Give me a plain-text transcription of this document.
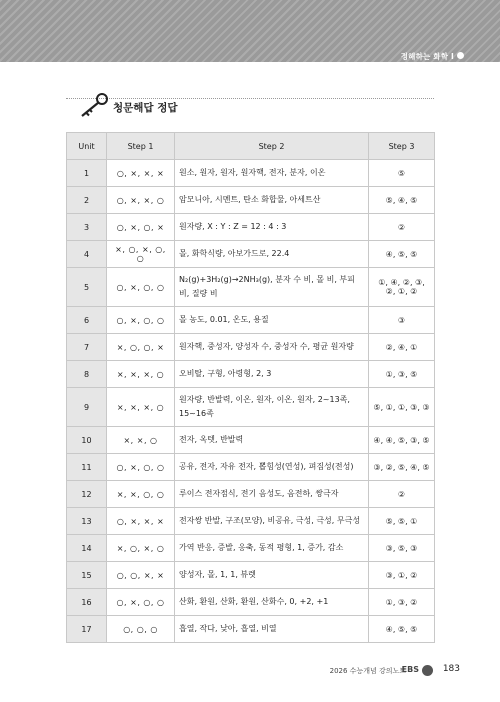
정해하는 화학 I
청문해답 정답
Unit	Step 1	Step 2	Step 3
1	○, ×, ×, ×	원소, 원자, 원자, 원자핵, 전자, 분자, 이온	⑤
2	○, ×, ×, ○	암모니아, 시멘트, 탄소 화합물, 아세트산	⑤, ④, ⑤
3	○, ×, ○, ×	원자량, X : Y : Z = 12 : 4 : 3	②
4	×, ○, ×, ○, ○	몰, 화학식량, 아보가드로, 22.4	④, ⑤, ⑤
5	○, ×, ○, ○	N₂(g)+3H₂(g)→2NH₃(g), 분자 수 비, 몰 비, 부피 비, 질량 비	①, ④, ②, ③, ②, ①, ②
6	○, ×, ○, ○	몰 농도, 0.01, 온도, 용질	③
7	×, ○, ○, ×	원자핵, 중성자, 양성자 수, 중성자 수, 평균 원자량	②, ④, ①
8	×, ×, ×, ○	오비탈, 구형, 아령형, 2, 3	①, ③, ⑤
9	×, ×, ×, ○	원자량, 반발력, 이온, 원자, 이온, 원자, 2~13족, 15~16족	⑤, ①, ①, ③, ③
10	×, ×, ○	전자, 옥텟, 반발력	④, ④, ⑤, ③, ⑤
11	○, ×, ○, ○	공유, 전자, 자유 전자, 뽑힘성(연성), 펴짐성(전성)	③, ②, ⑤, ④, ⑤
12	×, ×, ○, ○	루이스 전자점식, 전기 음성도, 음전하, 쌍극자	②
13	○, ×, ×, ×	전자쌍 반발, 구조(모양), 비공유, 극성, 극성, 무극성	⑤, ⑤, ①
14	×, ○, ×, ○	가역 반응, 증발, 응축, 동적 평형, 1, 증가, 감소	③, ⑤, ③
15	○, ○, ×, ×	양성자, 몰, 1, 1, 뷰렛	③, ①, ②
16	○, ×, ○, ○	산화, 환원, 산화, 환원, 산화수, 0, +2, +1	①, ③, ②
17	○, ○, ○	흡열, 작다, 낮아, 흡열, 비열	④, ⑤, ⑤
2026 수능개념 강의노트
EBS	183
